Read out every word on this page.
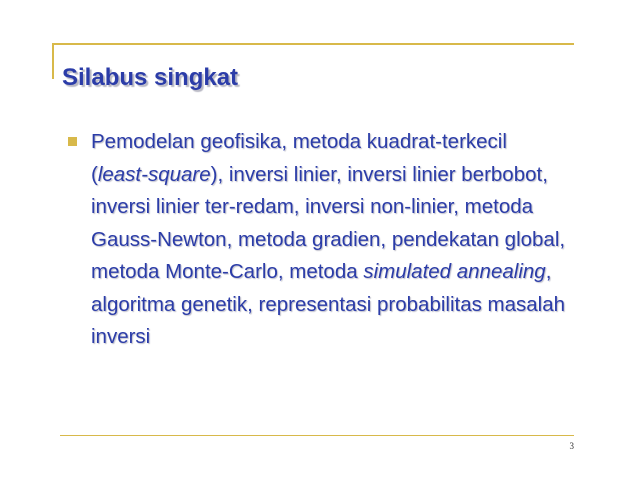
Silabus singkat
Pemodelan geofisika, metoda kuadrat-terkecil (least-square), inversi linier, inversi linier berbobot, inversi linier ter-redam, inversi non-linier, metoda Gauss-Newton, metoda gradien, pendekatan global, metoda Monte-Carlo, metoda simulated annealing, algoritma genetik, representasi probabilitas masalah inversi
3
